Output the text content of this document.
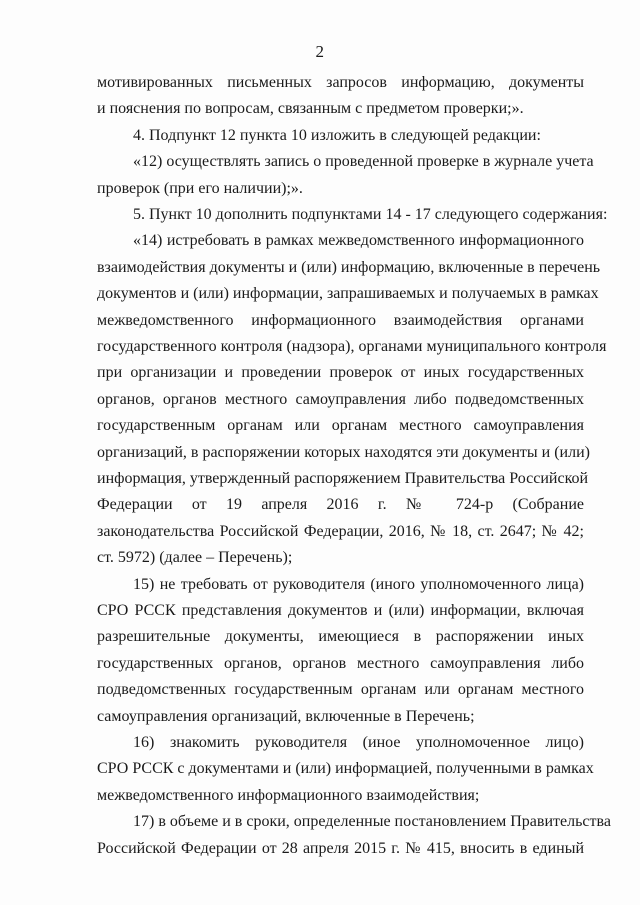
2
мотивированных письменных запросов информацию, документы
и пояснения по вопросам, связанным с предметом проверки;».
4. Подпункт 12 пункта 10 изложить в следующей редакции:
«12) осуществлять запись о проведенной проверке в журнале учета
проверок (при его наличии);».
5. Пункт 10 дополнить подпунктами 14 - 17 следующего содержания:
«14) истребовать в рамках межведомственного информационного
взаимодействия документы и (или) информацию, включенные в перечень
документов и (или) информации, запрашиваемых и получаемых в рамках
межведомственного информационного взаимодействия органами
государственного контроля (надзора), органами муниципального контроля
при организации и проведении проверок от иных государственных
органов, органов местного самоуправления либо подведомственных
государственным органам или органам местного самоуправления
организаций, в распоряжении которых находятся эти документы и (или)
информация, утвержденный распоряжением Правительства Российской
Федерации от 19 апреля 2016 г. № 724-р (Собрание
законодательства Российской Федерации, 2016, № 18, ст. 2647; № 42;
ст. 5972) (далее – Перечень);
15) не требовать от руководителя (иного уполномоченного лица)
СРО РССК представления документов и (или) информации, включая
разрешительные документы, имеющиеся в распоряжении иных
государственных органов, органов местного самоуправления либо
подведомственных государственным органам или органам местного
самоуправления организаций, включенные в Перечень;
16) знакомить руководителя (иное уполномоченное лицо)
СРО РССК с документами и (или) информацией, полученными в рамках
межведомственного информационного взаимодействия;
17) в объеме и в сроки, определенные постановлением Правительства
Российской Федерации от 28 апреля 2015 г. № 415, вносить в единый
